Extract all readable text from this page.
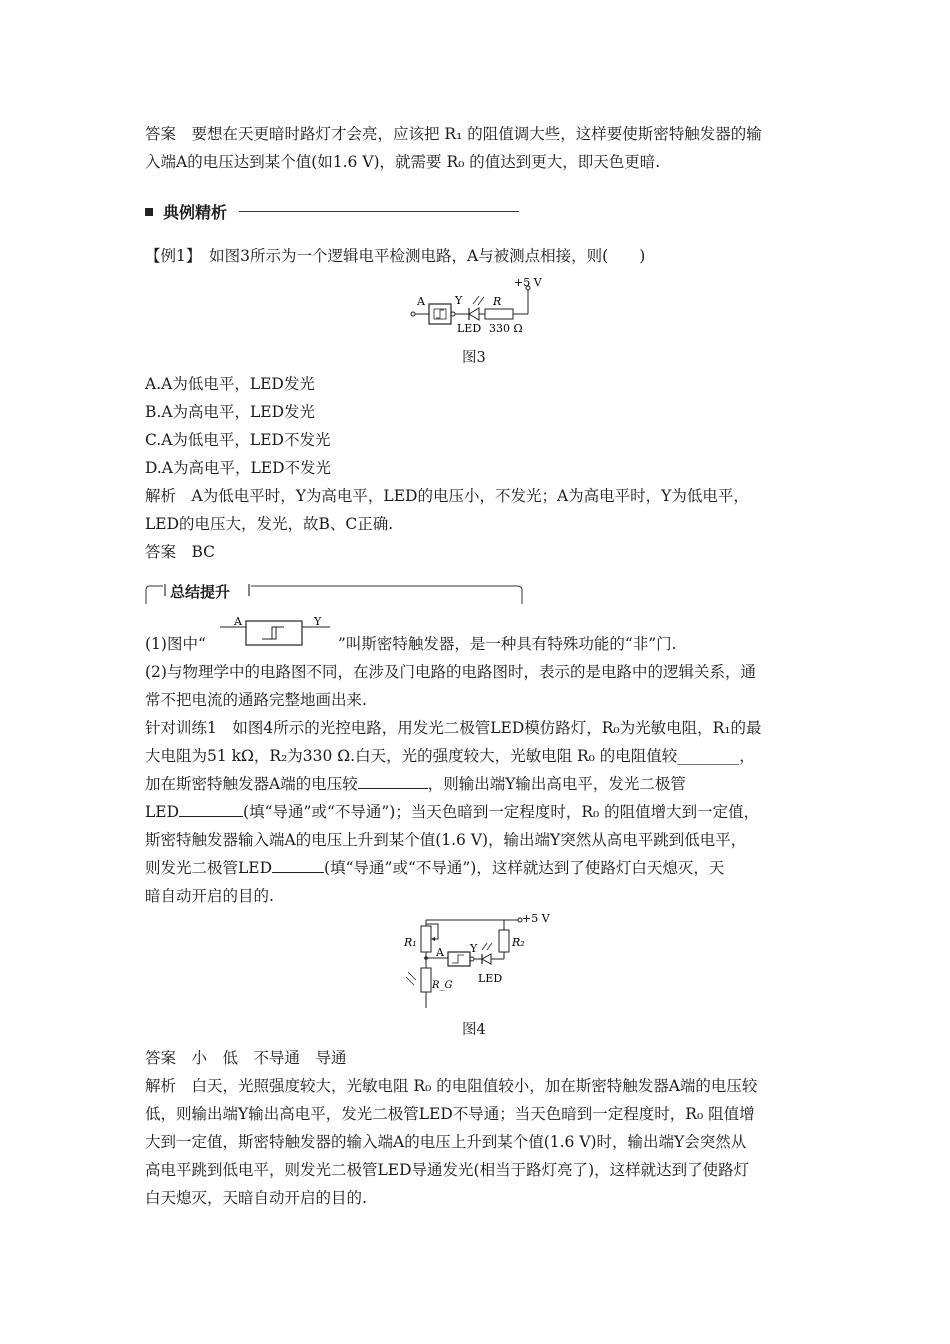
答案　要想在天更暗时路灯才会亮，应该把 R₁ 的阻值调大些，这样要使斯密特触发器的输
入端A的电压达到某个值(如1.6 V)，就需要 R₀ 的值达到更大，即天色更暗.
典例精析
【例1】　如图3所示为一个逻辑电平检测电路，A与被测点相接，则(　　)
A	Y
LED
R
330 Ω
+5 V
图3
A.A为低电平，LED发光
B.A为高电平，LED发光
C.A为低电平，LED不发光
D.A为高电平，LED不发光
解析　A为低电平时，Y为高电平，LED的电压小，不发光；A为高电平时，Y为低电平，
LED的电压大，发光，故B、C正确.
答案　BC
总结提升
(1)图中“	”叫斯密特触发器，是一种具有特殊功能的“非”门.
A	Y
(2)与物理学中的电路图不同，在涉及门电路的电路图时，表示的是电路中的逻辑关系，通
常不把电流的通路完整地画出来.
针对训练1　如图4所示的光控电路，用发光二极管LED模仿路灯，R₀为光敏电阻，R₁的最
大电阻为51 kΩ，R₂为330 Ω.白天，光的强度较大，光敏电阻 R₀ 的电阻值较________，
加在斯密特触发器A端的电压较	，则输出端Y输出高电平，发光二极管
LED	(填“导通”或“不导通”)；当天色暗到一定程度时，R₀ 的阻值增大到一定值，
斯密特触发器输入端A的电压上升到某个值(1.6 V)，输出端Y突然从高电平跳到低电平，
则发光二极管LED	(填“导通”或“不导通”)，这样就达到了使路灯白天熄灭，天
暗自动开启的目的.
+5 V
R₁	R₂
R_G
A Y
LED
图4
答案　小　低　不导通　导通
解析　白天，光照强度较大，光敏电阻 R₀ 的电阻值较小，加在斯密特触发器A端的电压较
低，则输出端Y输出高电平，发光二极管LED不导通；当天色暗到一定程度时，R₀ 阻值增
大到一定值，斯密特触发器的输入端A的电压上升到某个值(1.6 V)时，输出端Y会突然从
高电平跳到低电平，则发光二极管LED导通发光(相当于路灯亮了)，这样就达到了使路灯
白天熄灭，天暗自动开启的目的.
